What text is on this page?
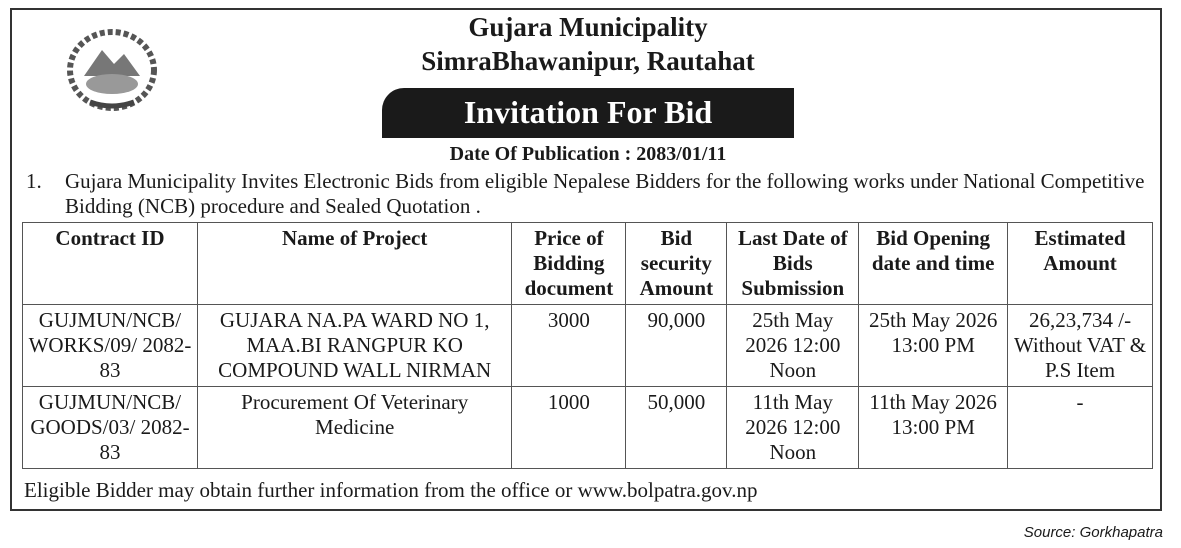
Gujara Municipality
SimraBhawanipur, Rautahat
Invitation For Bid
Date Of Publication : 2083/01/11
1. Gujara Municipality Invites Electronic Bids from eligible Nepalese Bidders for the following works under National Competitive Bidding (NCB) procedure and Sealed Quotation .
Contract ID	Name of Project	Price of Bidding document	Bid security Amount	Last Date of Bids Submission	Bid Opening date and time	Estimated Amount
GUJMUN/NCB/ WORKS/09/ 2082-83	GUJARA NA.PA WARD NO 1, MAA.BI RANGPUR KO COMPOUND WALL NIRMAN	3000	90,000	25th May 2026 12:00 Noon	25th May 2026 13:00 PM	26,23,734 /- Without VAT & P.S Item
GUJMUN/NCB/ GOODS/03/ 2082-83	Procurement Of Veterinary Medicine	1000	50,000	11th May 2026 12:00 Noon	11th May 2026 13:00 PM	-
Eligible Bidder may obtain further information from the office or www.bolpatra.gov.np
Source: Gorkhapatra
